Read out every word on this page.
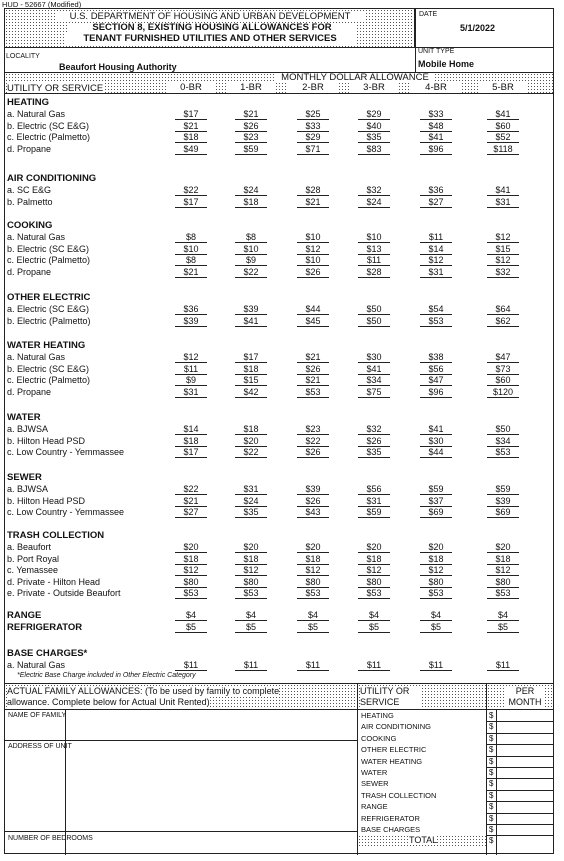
HUD - 52667 (Modified)
U.S. DEPARTMENT OF HOUSING AND URBAN DEVELOPMENT
SECTION 8, EXISTING HOUSING ALLOWANCES FOR
TENANT FURNISHED UTILITIES AND OTHER SERVICES
DATE
5/1/2022
LOCALITY
Beaufort Housing Authority
UNIT TYPE
Mobile Home
MONTHLY DOLLAR ALLOWANCE
UTILITY OR SERVICE	0-BR	1-BR	2-BR	3-BR	4-BR	5-BR
HEATING
a. Natural Gas	$17	$21	$25	$29	$33	$41
b. Electric (SC E&G)	$21	$26	$33	$40	$48	$60
c. Electric (Palmetto)	$18	$23	$29	$35	$41	$52
d. Propane	$49	$59	$71	$83	$96	$118
AIR CONDITIONING
a. SC E&G	$22	$24	$28	$32	$36	$41
b. Palmetto	$17	$18	$21	$24	$27	$31
COOKING
a. Natural Gas	$8	$8	$10	$10	$11	$12
b. Electric (SC E&G)	$10	$10	$12	$13	$14	$15
c. Electric (Palmetto)	$8	$9	$10	$11	$12	$12
d. Propane	$21	$22	$26	$28	$31	$32
OTHER ELECTRIC
a. Electric (SC E&G)	$36	$39	$44	$50	$54	$64
b. Electric (Palmetto)	$39	$41	$45	$50	$53	$62
WATER HEATING
a. Natural Gas	$12	$17	$21	$30	$38	$47
b. Electric (SC E&G)	$11	$18	$26	$41	$56	$73
c. Electric (Palmetto)	$9	$15	$21	$34	$47	$60
d. Propane	$31	$42	$53	$75	$96	$120
WATER
a. BJWSA	$14	$18	$23	$32	$41	$50
b. Hilton Head PSD	$18	$20	$22	$26	$30	$34
c. Low Country - Yemmassee	$17	$22	$26	$35	$44	$53
SEWER
a. BJWSA	$22	$31	$39	$56	$59	$59
b. Hilton Head PSD	$21	$24	$26	$31	$37	$39
c. Low Country - Yemmassee	$27	$35	$43	$59	$69	$69
TRASH COLLECTION
a. Beaufort	$20	$20	$20	$20	$20	$20
b. Port Royal	$18	$18	$18	$18	$18	$18
c. Yemassee	$12	$12	$12	$12	$12	$12
d. Private - Hilton Head	$80	$80	$80	$80	$80	$80
e. Private - Outside Beaufort	$53	$53	$53	$53	$53	$53
RANGE	$4	$4	$4	$4	$4	$4
REFRIGERATOR	$5	$5	$5	$5	$5	$5
BASE CHARGES*
a. Natural Gas	$11	$11	$11	$11	$11	$11
*Electric Base Charge included in Other Electric Category
ACTUAL FAMILY ALLOWANCES: (To be used by family to complete allowance. Complete below for Actual Unit Rented)
NAME OF FAMILY
ADDRESS OF UNIT
NUMBER OF BEDROOMS
UTILITY OR SERVICE
PER MONTH
HEATING	$
AIR CONDITIONING	$
COOKING	$
OTHER ELECTRIC	$
WATER HEATING	$
WATER	$
SEWER	$
TRASH COLLECTION	$
RANGE	$
REFRIGERATOR	$
BASE CHARGES	$
TOTAL	$
